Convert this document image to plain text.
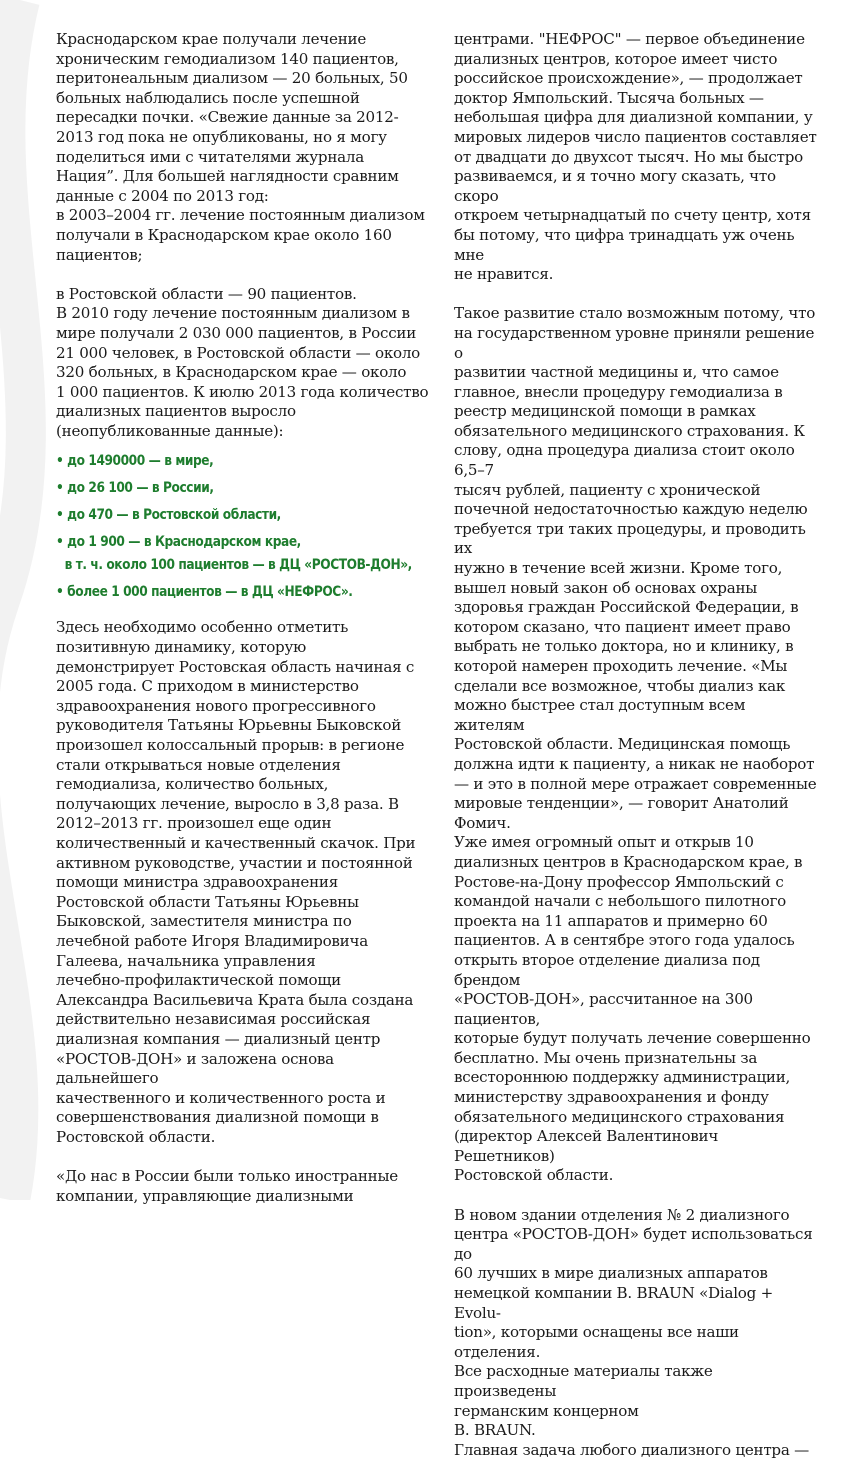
Краснодарском крае получали лечение

хроническим гемодиализом 140 пациентов,

перитонеальным диализом — 20 больных, 50

больных наблюдались после успешной

пересадки почки. «Свежие данные за 2012-

2013 год пока не опубликованы, но я могу

поделиться ими с читателями журнала

Нация”. Для большей наглядности сравним

данные с 2004 по 2013 год:

в 2003–2004 гг. лечение постоянным диализом

получали в Краснодарском крае около 160

пациентов;

в Ростовской области — 90 пациентов.

В 2010 году лечение постоянным диализом в

мире получали 2 030 000 пациентов, в России

21 000 человек, в Ростовской области — около

320 больных, в Краснодарском крае — около

1 000 пациентов. К июлю 2013 года количество

диализных пациентов выросло

(неопубликованные данные):

• до 1490000 — в мире,
• до 26 100 — в России,
• до 470 — в Ростовской области,
• до 1 900 — в Краснодарском крае,
в т. ч. около 100 пациентов — в ДЦ «РОСТОВ-ДОН»,
• более 1 000 пациентов — в ДЦ «НЕФРОС».

Здесь необходимо особенно отметить

позитивную динамику, которую

демонстрирует Ростовская область начиная с

2005 года. С приходом в министерство

здравоохранения нового прогрессивного

руководителя Татьяны Юрьевны Быковской

произошел колоссальный прорыв: в регионе

стали открываться новые отделения

гемодиализа, количество больных,

получающих лечение, выросло в 3,8 раза. В

2012–2013 гг. произошел еще один

количественный и качественный скачок. При

активном руководстве, участии и постоянной

помощи министра здравоохранения

Ростовской области Татьяны Юрьевны

Быковской, заместителя министра по

лечебной работе Игоря Владимировича

Галеева, начальника управления

лечебно-профилактической помощи

Александра Васильевича Крата была создана

действительно независимая российская

диализная компания — диализный центр

«РОСТОВ-ДОН» и заложена основа дальнейшего

качественного и количественного роста и

совершенствования диализной помощи в

Ростовской области.

«До нас в России были только иностранные

компании, управляющие диализными

центрами. "НЕФРОС" — первое объединение

диализных центров, которое имеет чисто

российское происхождение», — продолжает

доктор Ямпольский. Тысяча больных —

небольшая цифра для диализной компании, у

мировых лидеров число пациентов составляет

от двадцати до двухсот тысяч. Но мы быстро

развиваемся, и я точно могу сказать, что скоро

откроем четырнадцатый по счету центр, хотя

бы потому, что цифра тринадцать уж очень мне

не нравится.

Такое развитие стало возможным потому, что

на государственном уровне приняли решение о

развитии частной медицины и, что самое

главное, внесли процедуру гемодиализа в

реестр медицинской помощи в рамках

обязательного медицинского страхования. К

слову, одна процедура диализа стоит около 6,5–7

тысяч рублей, пациенту с хронической

почечной недостаточностью каждую неделю

требуется три таких процедуры, и проводить их

нужно в течение всей жизни. Кроме того,

вышел новый закон об основах охраны

здоровья граждан Российской Федерации, в

котором сказано, что пациент имеет право

выбрать не только доктора, но и клинику, в

которой намерен проходить лечение. «Мы

сделали все возможное, чтобы диализ как

можно быстрее стал доступным всем жителям

Ростовской области. Медицинская помощь

должна идти к пациенту, а никак не наоборот

— и это в полной мере отражает современные

мировые тенденции», — говорит Анатолий

Фомич.

Уже имея огромный опыт и открыв 10

диализных центров в Краснодарском крае, в

Ростове-на-Дону профессор Ямпольский с

командой начали с небольшого пилотного

проекта на 11 аппаратов и примерно 60

пациентов. А в сентябре этого года удалось

открыть второе отделение диализа под брендом

«РОСТОВ-ДОН», рассчитанное на 300 пациентов,

которые будут получать лечение совершенно

бесплатно. Мы очень признательны за

всестороннюю поддержку администрации,

министерству здравоохранения и фонду

обязательного медицинского страхования

(директор Алексей Валентинович Решетников)

Ростовской области.

В новом здании отделения № 2 диализного

центра «РОСТОВ-ДОН» будет использоваться до

60 лучших в мире диализных аппаратов

немецкой компании B. BRAUN «Dialog + Evolu-

tion», которыми оснащены все наши отделения.

Все расходные материалы также произведены

германским концерном

B. BRAUN.

Главная задача любого диализного центра —
